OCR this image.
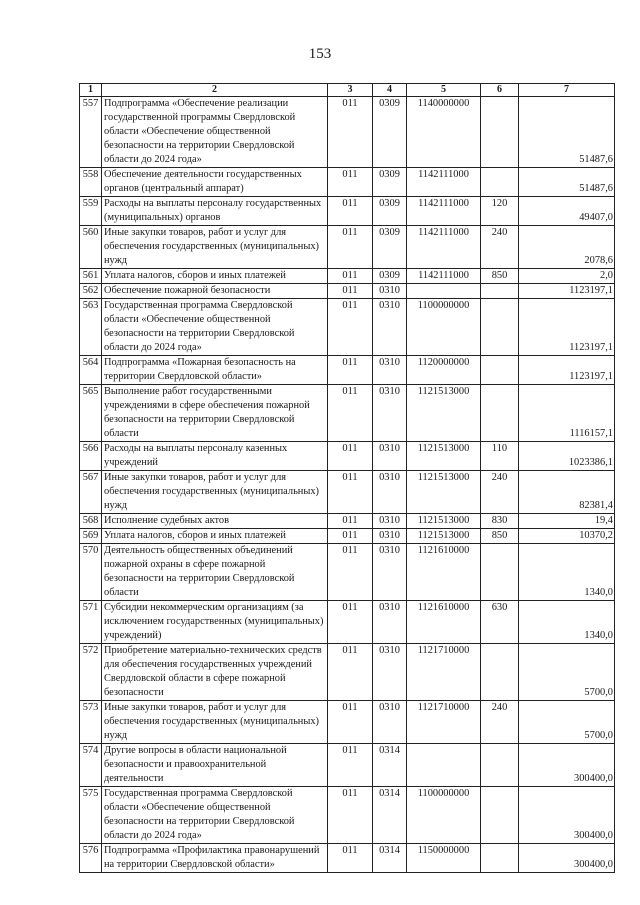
153
1	2	3	4	5	6	7
557	Подпрограмма «Обеспечение реализации государственной программы Свердловской области «Обеспечение общественной безопасности на территории Свердловской области до 2024 года»	011	0309	1140000000		51487,6
558	Обеспечение деятельности государственных органов (центральный аппарат)	011	0309	1142111000		51487,6
559	Расходы на выплаты персоналу государственных (муниципальных) органов	011	0309	1142111000	120	49407,0
560	Иные закупки товаров, работ и услуг для обеспечения государственных (муниципальных) нужд	011	0309	1142111000	240	2078,6
561	Уплата налогов, сборов и иных платежей	011	0309	1142111000	850	2,0
562	Обеспечение пожарной безопасности	011	0310			1123197,1
563	Государственная программа Свердловской области «Обеспечение общественной безопасности на территории Свердловской области до 2024 года»	011	0310	1100000000		1123197,1
564	Подпрограмма «Пожарная безопасность на территории Свердловской области»	011	0310	1120000000		1123197,1
565	Выполнение работ государственными учреждениями в сфере обеспечения пожарной безопасности на территории Свердловской области	011	0310	1121513000		1116157,1
566	Расходы на выплаты персоналу казенных учреждений	011	0310	1121513000	110	1023386,1
567	Иные закупки товаров, работ и услуг для обеспечения государственных (муниципальных) нужд	011	0310	1121513000	240	82381,4
568	Исполнение судебных актов	011	0310	1121513000	830	19,4
569	Уплата налогов, сборов и иных платежей	011	0310	1121513000	850	10370,2
570	Деятельность общественных объединений пожарной охраны в сфере пожарной безопасности на территории Свердловской области	011	0310	1121610000		1340,0
571	Субсидии некоммерческим организациям (за исключением государственных (муниципальных) учреждений)	011	0310	1121610000	630	1340,0
572	Приобретение материально-технических средств для обеспечения государственных учреждений Свердловской области в сфере пожарной безопасности	011	0310	1121710000		5700,0
573	Иные закупки товаров, работ и услуг для обеспечения государственных (муниципальных) нужд	011	0310	1121710000	240	5700,0
574	Другие вопросы в области национальной безопасности и правоохранительной деятельности	011	0314			300400,0
575	Государственная программа Свердловской области «Обеспечение общественной безопасности на территории Свердловской области до 2024 года»	011	0314	1100000000		300400,0
576	Подпрограмма «Профилактика правонарушений на территории Свердловской области»	011	0314	1150000000		300400,0
